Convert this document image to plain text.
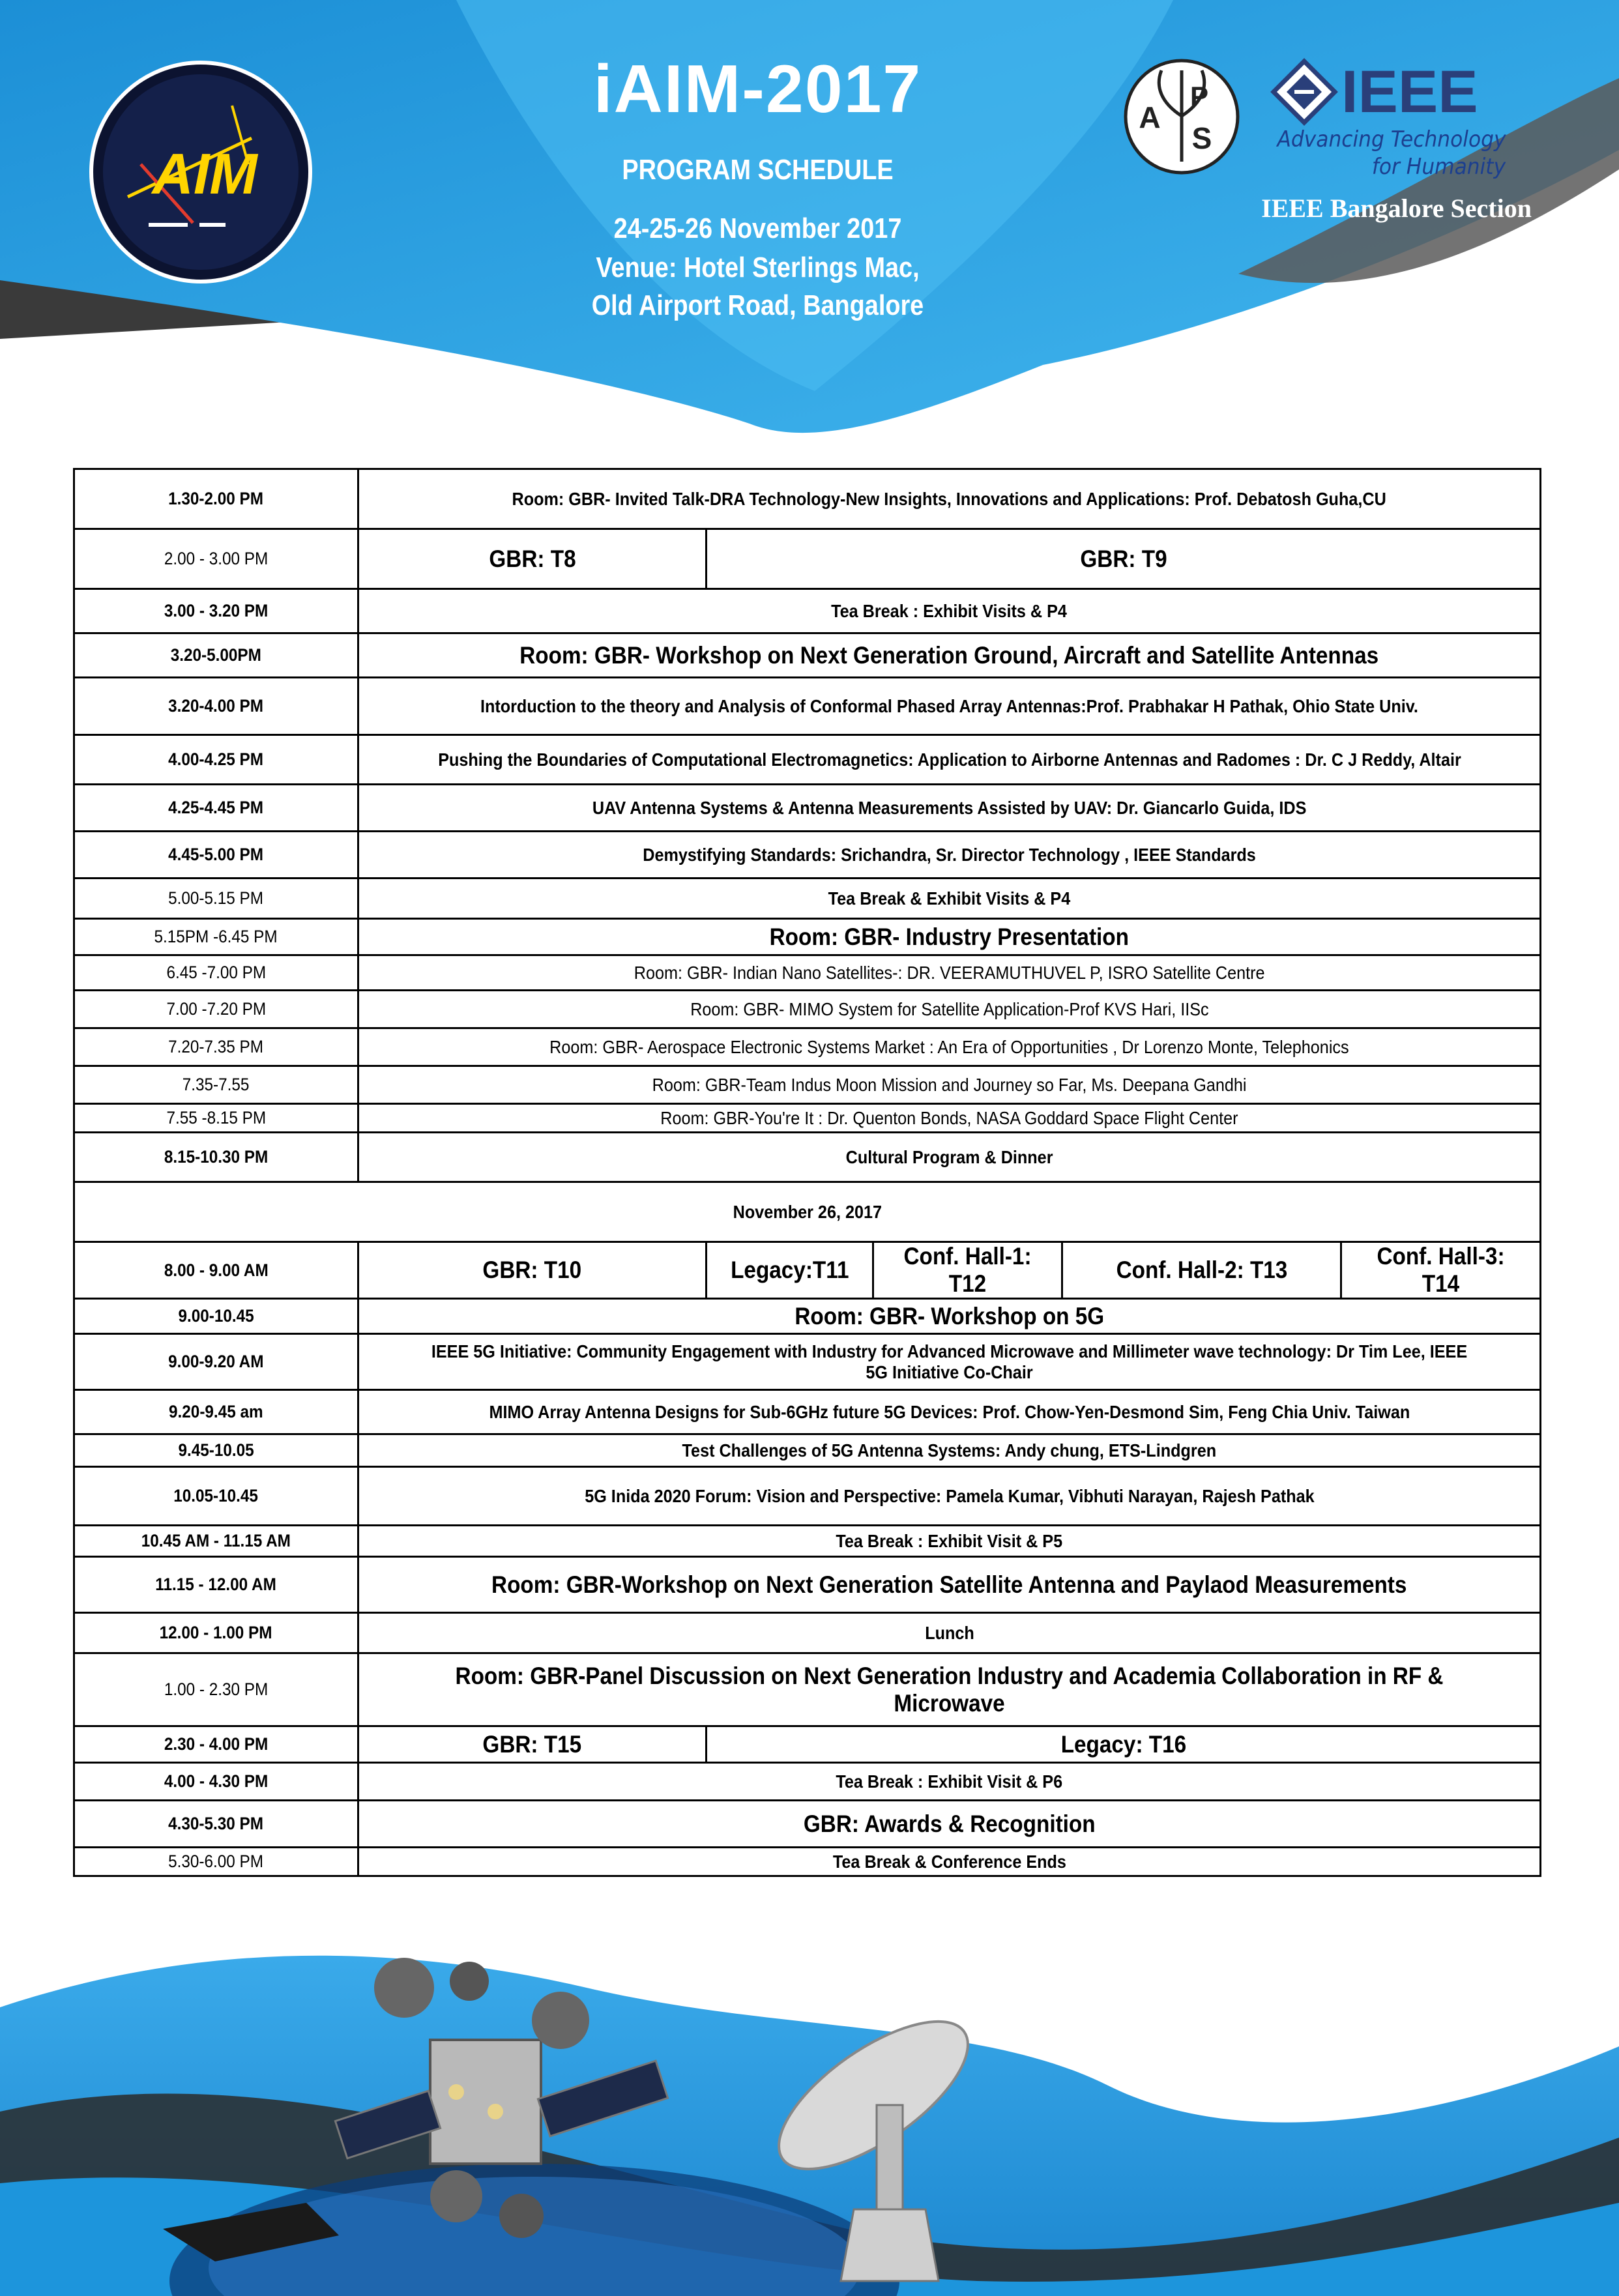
iAIM-2017
PROGRAM SCHEDULE
24-25-26 November 2017
Venue: Hotel Sterlings Mac,
Old Airport Road, Bangalore
AIM
A
P
S
IEEE
Advancing Technology
for Humanity
IEEE Bangalore Section
1.30-2.00 PM	Room: GBR- Invited Talk-DRA Technology-New Insights, Innovations and Applications: Prof. Debatosh Guha,CU				
2.00 - 3.00 PM	GBR: T8	GBR: T9			
3.00 - 3.20 PM	Tea Break : Exhibit Visits & P4				
3.20-5.00PM	Room: GBR- Workshop on Next Generation Ground, Aircraft and Satellite Antennas				
3.20-4.00 PM	Intorduction to the theory and Analysis of Conformal Phased Array Antennas:Prof. Prabhakar H Pathak, Ohio State Univ.				
4.00-4.25 PM	Pushing the Boundaries of Computational Electromagnetics: Application to Airborne Antennas and Radomes : Dr. C J Reddy, Altair				
4.25-4.45 PM	UAV Antenna Systems & Antenna Measurements Assisted by UAV: Dr. Giancarlo Guida, IDS				
4.45-5.00 PM	Demystifying Standards: Srichandra, Sr. Director Technology , IEEE Standards				
5.00-5.15 PM	Tea Break & Exhibit Visits & P4				
5.15PM -6.45 PM	Room: GBR- Industry Presentation				
6.45 -7.00 PM	Room: GBR- Indian Nano Satellites-: DR. VEERAMUTHUVEL P, ISRO Satellite Centre				
7.00 -7.20 PM	Room: GBR- MIMO System for Satellite Application-Prof KVS Hari, IISc				
7.20-7.35 PM	Room: GBR- Aerospace Electronic Systems Market : An Era of Opportunities , Dr Lorenzo Monte, Telephonics				
7.35-7.55	Room: GBR-Team Indus Moon Mission and Journey so Far, Ms. Deepana Gandhi				
7.55 -8.15 PM	Room: GBR-You're It : Dr. Quenton Bonds, NASA Goddard Space Flight Center				
8.15-10.30 PM	Cultural Program & Dinner				
November 26, 2017					
8.00 - 9.00 AM	GBR: T10	Legacy:T11	Conf. Hall-1: T12	Conf. Hall-2: T13	Conf. Hall-3: T14
9.00-10.45	Room: GBR- Workshop on 5G				
9.00-9.20 AM	IEEE 5G Initiative: Community Engagement with Industry for Advanced Microwave and Millimeter wave technology: Dr Tim Lee, IEEE 5G Initiative Co-Chair				
9.20-9.45 am	MIMO Array Antenna Designs for Sub-6GHz future 5G Devices: Prof. Chow-Yen-Desmond Sim, Feng Chia Univ. Taiwan				
9.45-10.05	Test Challenges of 5G Antenna Systems: Andy chung, ETS-Lindgren				
10.05-10.45	5G Inida 2020 Forum: Vision and Perspective: Pamela Kumar, Vibhuti Narayan, Rajesh Pathak				
10.45 AM - 11.15 AM	Tea Break : Exhibit Visit & P5				
11.15 - 12.00 AM	Room: GBR-Workshop on Next Generation Satellite Antenna and Paylaod Measurements				
12.00 - 1.00 PM	Lunch				
1.00 - 2.30 PM	Room: GBR-Panel Discussion on Next Generation Industry and Academia Collaboration in RF & Microwave				
2.30 - 4.00 PM	GBR: T15	Legacy: T16			
4.00 - 4.30 PM	Tea Break : Exhibit Visit & P6				
4.30-5.30 PM	GBR: Awards & Recognition				
5.30-6.00 PM	Tea Break & Conference Ends				
